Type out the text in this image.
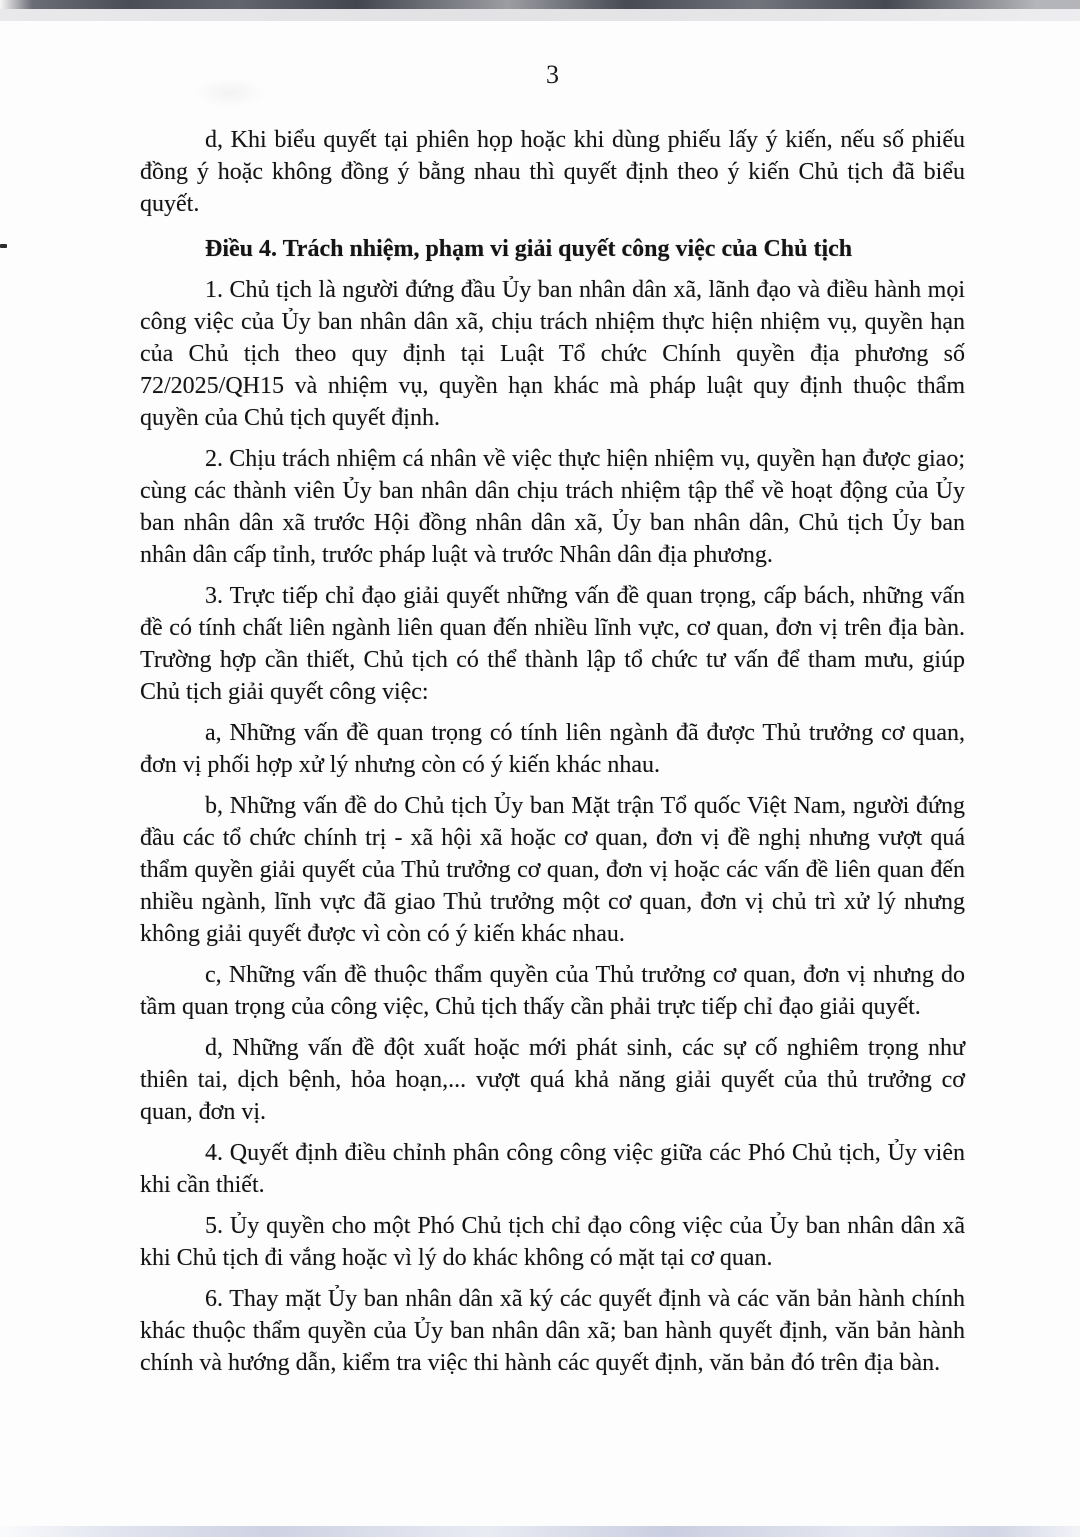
3

d, Khi biểu quyết tại phiên họp hoặc khi dùng phiếu lấy ý kiến, nếu số phiếu đồng ý hoặc không đồng ý bằng nhau thì quyết định theo ý kiến Chủ tịch đã biểu quyết.

Điều 4. Trách nhiệm, phạm vi giải quyết công việc của Chủ tịch

1. Chủ tịch là người đứng đầu Ủy ban nhân dân xã, lãnh đạo và điều hành mọi công việc của Ủy ban nhân dân xã, chịu trách nhiệm thực hiện nhiệm vụ, quyền hạn của Chủ tịch theo quy định tại Luật Tổ chức Chính quyền địa phương số 72/2025/QH15 và nhiệm vụ, quyền hạn khác mà pháp luật quy định thuộc thẩm quyền của Chủ tịch quyết định.

2. Chịu trách nhiệm cá nhân về việc thực hiện nhiệm vụ, quyền hạn được giao; cùng các thành viên Ủy ban nhân dân chịu trách nhiệm tập thể về hoạt động của Ủy ban nhân dân xã trước Hội đồng nhân dân xã, Ủy ban nhân dân, Chủ tịch Ủy ban nhân dân cấp tỉnh, trước pháp luật và trước Nhân dân địa phương.

3. Trực tiếp chỉ đạo giải quyết những vấn đề quan trọng, cấp bách, những vấn đề có tính chất liên ngành liên quan đến nhiều lĩnh vực, cơ quan, đơn vị trên địa bàn. Trường hợp cần thiết, Chủ tịch có thể thành lập tổ chức tư vấn để tham mưu, giúp Chủ tịch giải quyết công việc:

a, Những vấn đề quan trọng có tính liên ngành đã được Thủ trưởng cơ quan, đơn vị phối hợp xử lý nhưng còn có ý kiến khác nhau.

b, Những vấn đề do Chủ tịch Ủy ban Mặt trận Tổ quốc Việt Nam, người đứng đầu các tổ chức chính trị - xã hội xã hoặc cơ quan, đơn vị đề nghị nhưng vượt quá thẩm quyền giải quyết của Thủ trưởng cơ quan, đơn vị hoặc các vấn đề liên quan đến nhiều ngành, lĩnh vực đã giao Thủ trưởng một cơ quan, đơn vị chủ trì xử lý nhưng không giải quyết được vì còn có ý kiến khác nhau.

c, Những vấn đề thuộc thẩm quyền của Thủ trưởng cơ quan, đơn vị nhưng do tầm quan trọng của công việc, Chủ tịch thấy cần phải trực tiếp chỉ đạo giải quyết.

d, Những vấn đề đột xuất hoặc mới phát sinh, các sự cố nghiêm trọng như thiên tai, dịch bệnh, hỏa hoạn,... vượt quá khả năng giải quyết của thủ trưởng cơ quan, đơn vị.

4. Quyết định điều chỉnh phân công công việc giữa các Phó Chủ tịch, Ủy viên khi cần thiết.

5. Ủy quyền cho một Phó Chủ tịch chỉ đạo công việc của Ủy ban nhân dân xã khi Chủ tịch đi vắng hoặc vì lý do khác không có mặt tại cơ quan.

6. Thay mặt Ủy ban nhân dân xã ký các quyết định và các văn bản hành chính khác thuộc thẩm quyền của Ủy ban nhân dân xã; ban hành quyết định, văn bản hành chính và hướng dẫn, kiểm tra việc thi hành các quyết định, văn bản đó trên địa bàn.
